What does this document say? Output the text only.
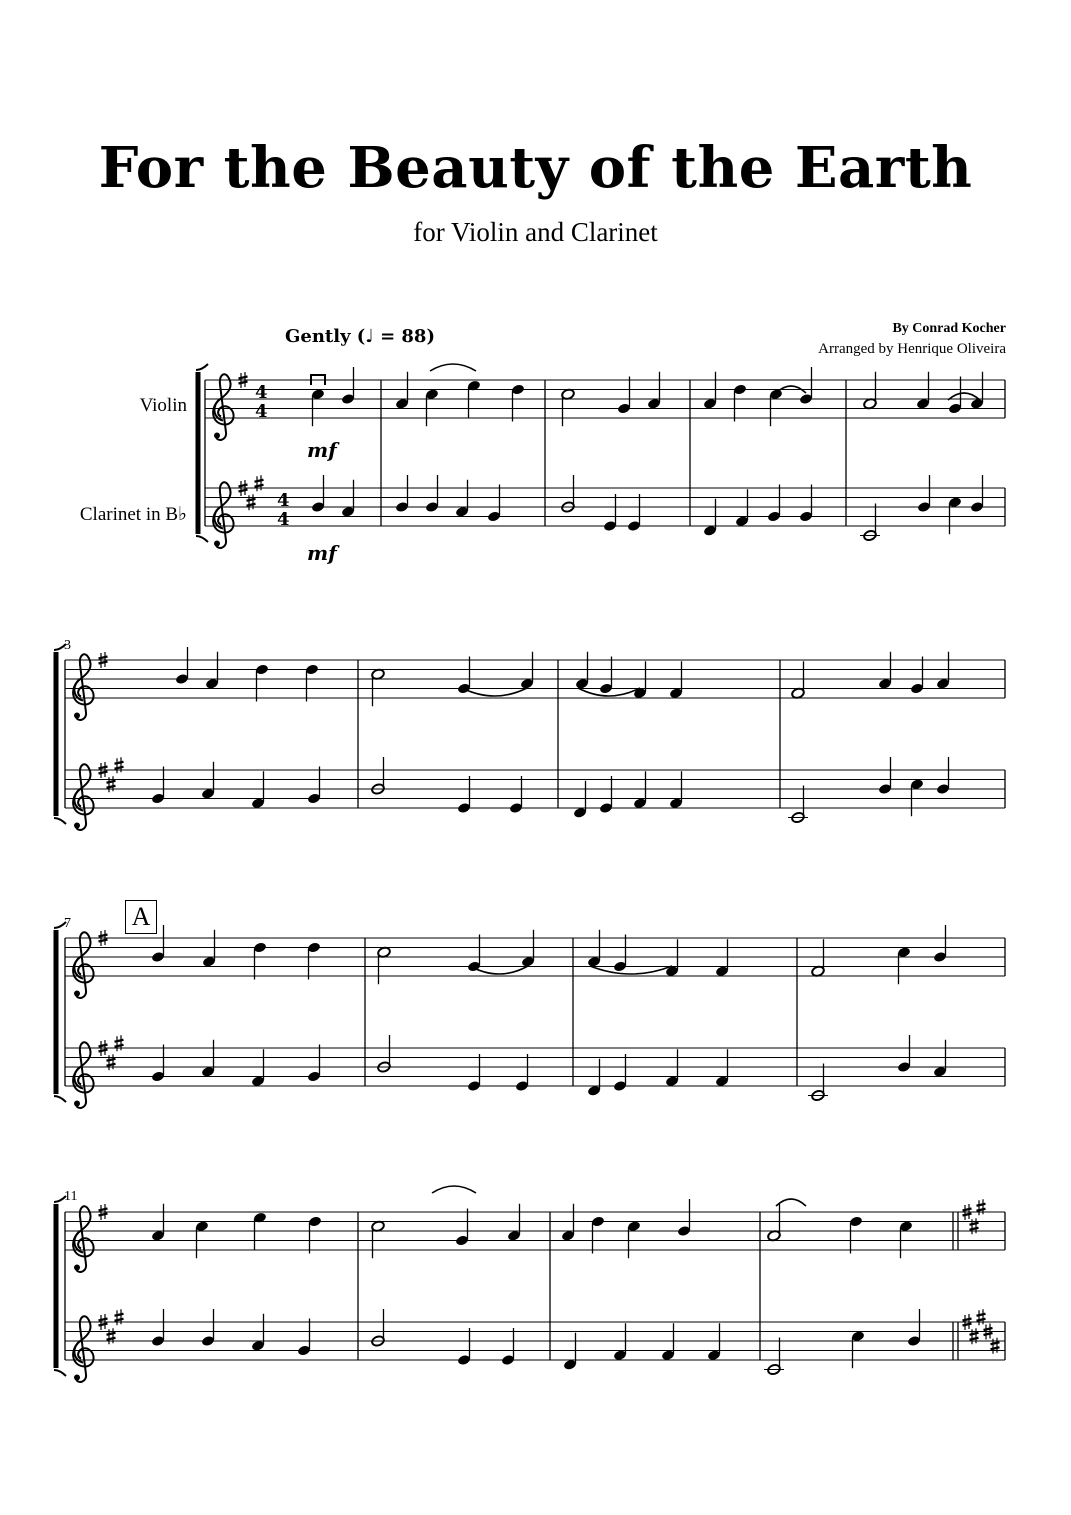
For the Beauty of the Earth
for Violin and Clarinet
Gently (♩ = 88)	By Conrad Kocher
Arranged by Henrique Oliveira
Violin
Clarinet in B♭
mf
mf
3
7
11
A
4
4
4
4
